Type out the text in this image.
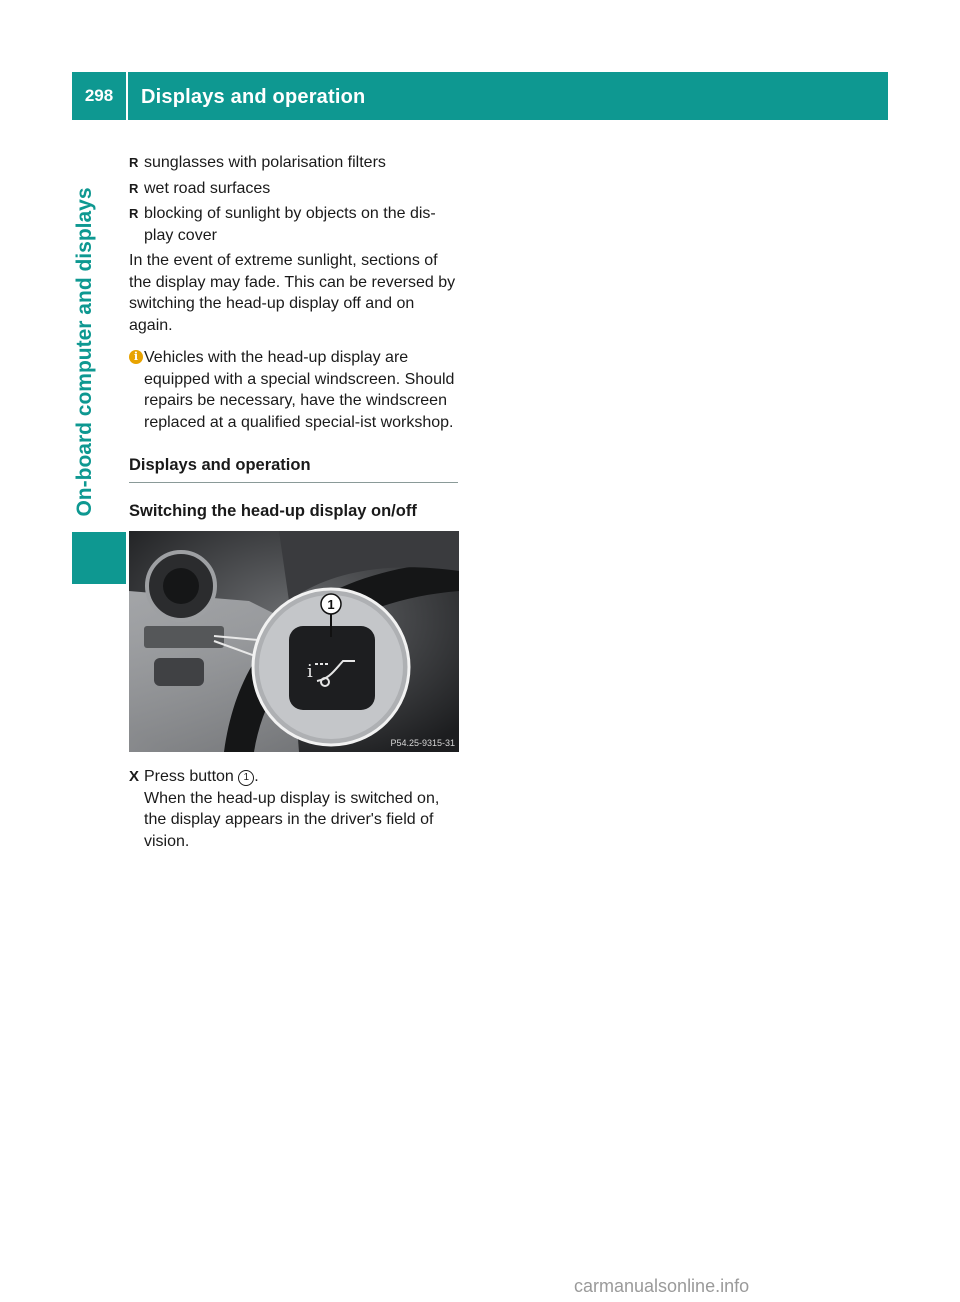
298	Displays and operation
On-board computer and displays
R sunglasses with polarisation filters
R wet road surfaces
R blocking of sunlight by objects on the dis-play cover
In the event of extreme sunlight, sections of the display may fade. This can be reversed by switching the head-up display off and on again.
i Vehicles with the head-up display are equipped with a special windscreen. Should repairs be necessary, have the windscreen replaced at a qualified special-ist workshop.
Displays and operation
Switching the head-up display on/off
i
1
P54.25-9315-31
X Press button 1 .
When the head-up display is switched on, the display appears in the driver's field of vision.
carmanualsonline.info
